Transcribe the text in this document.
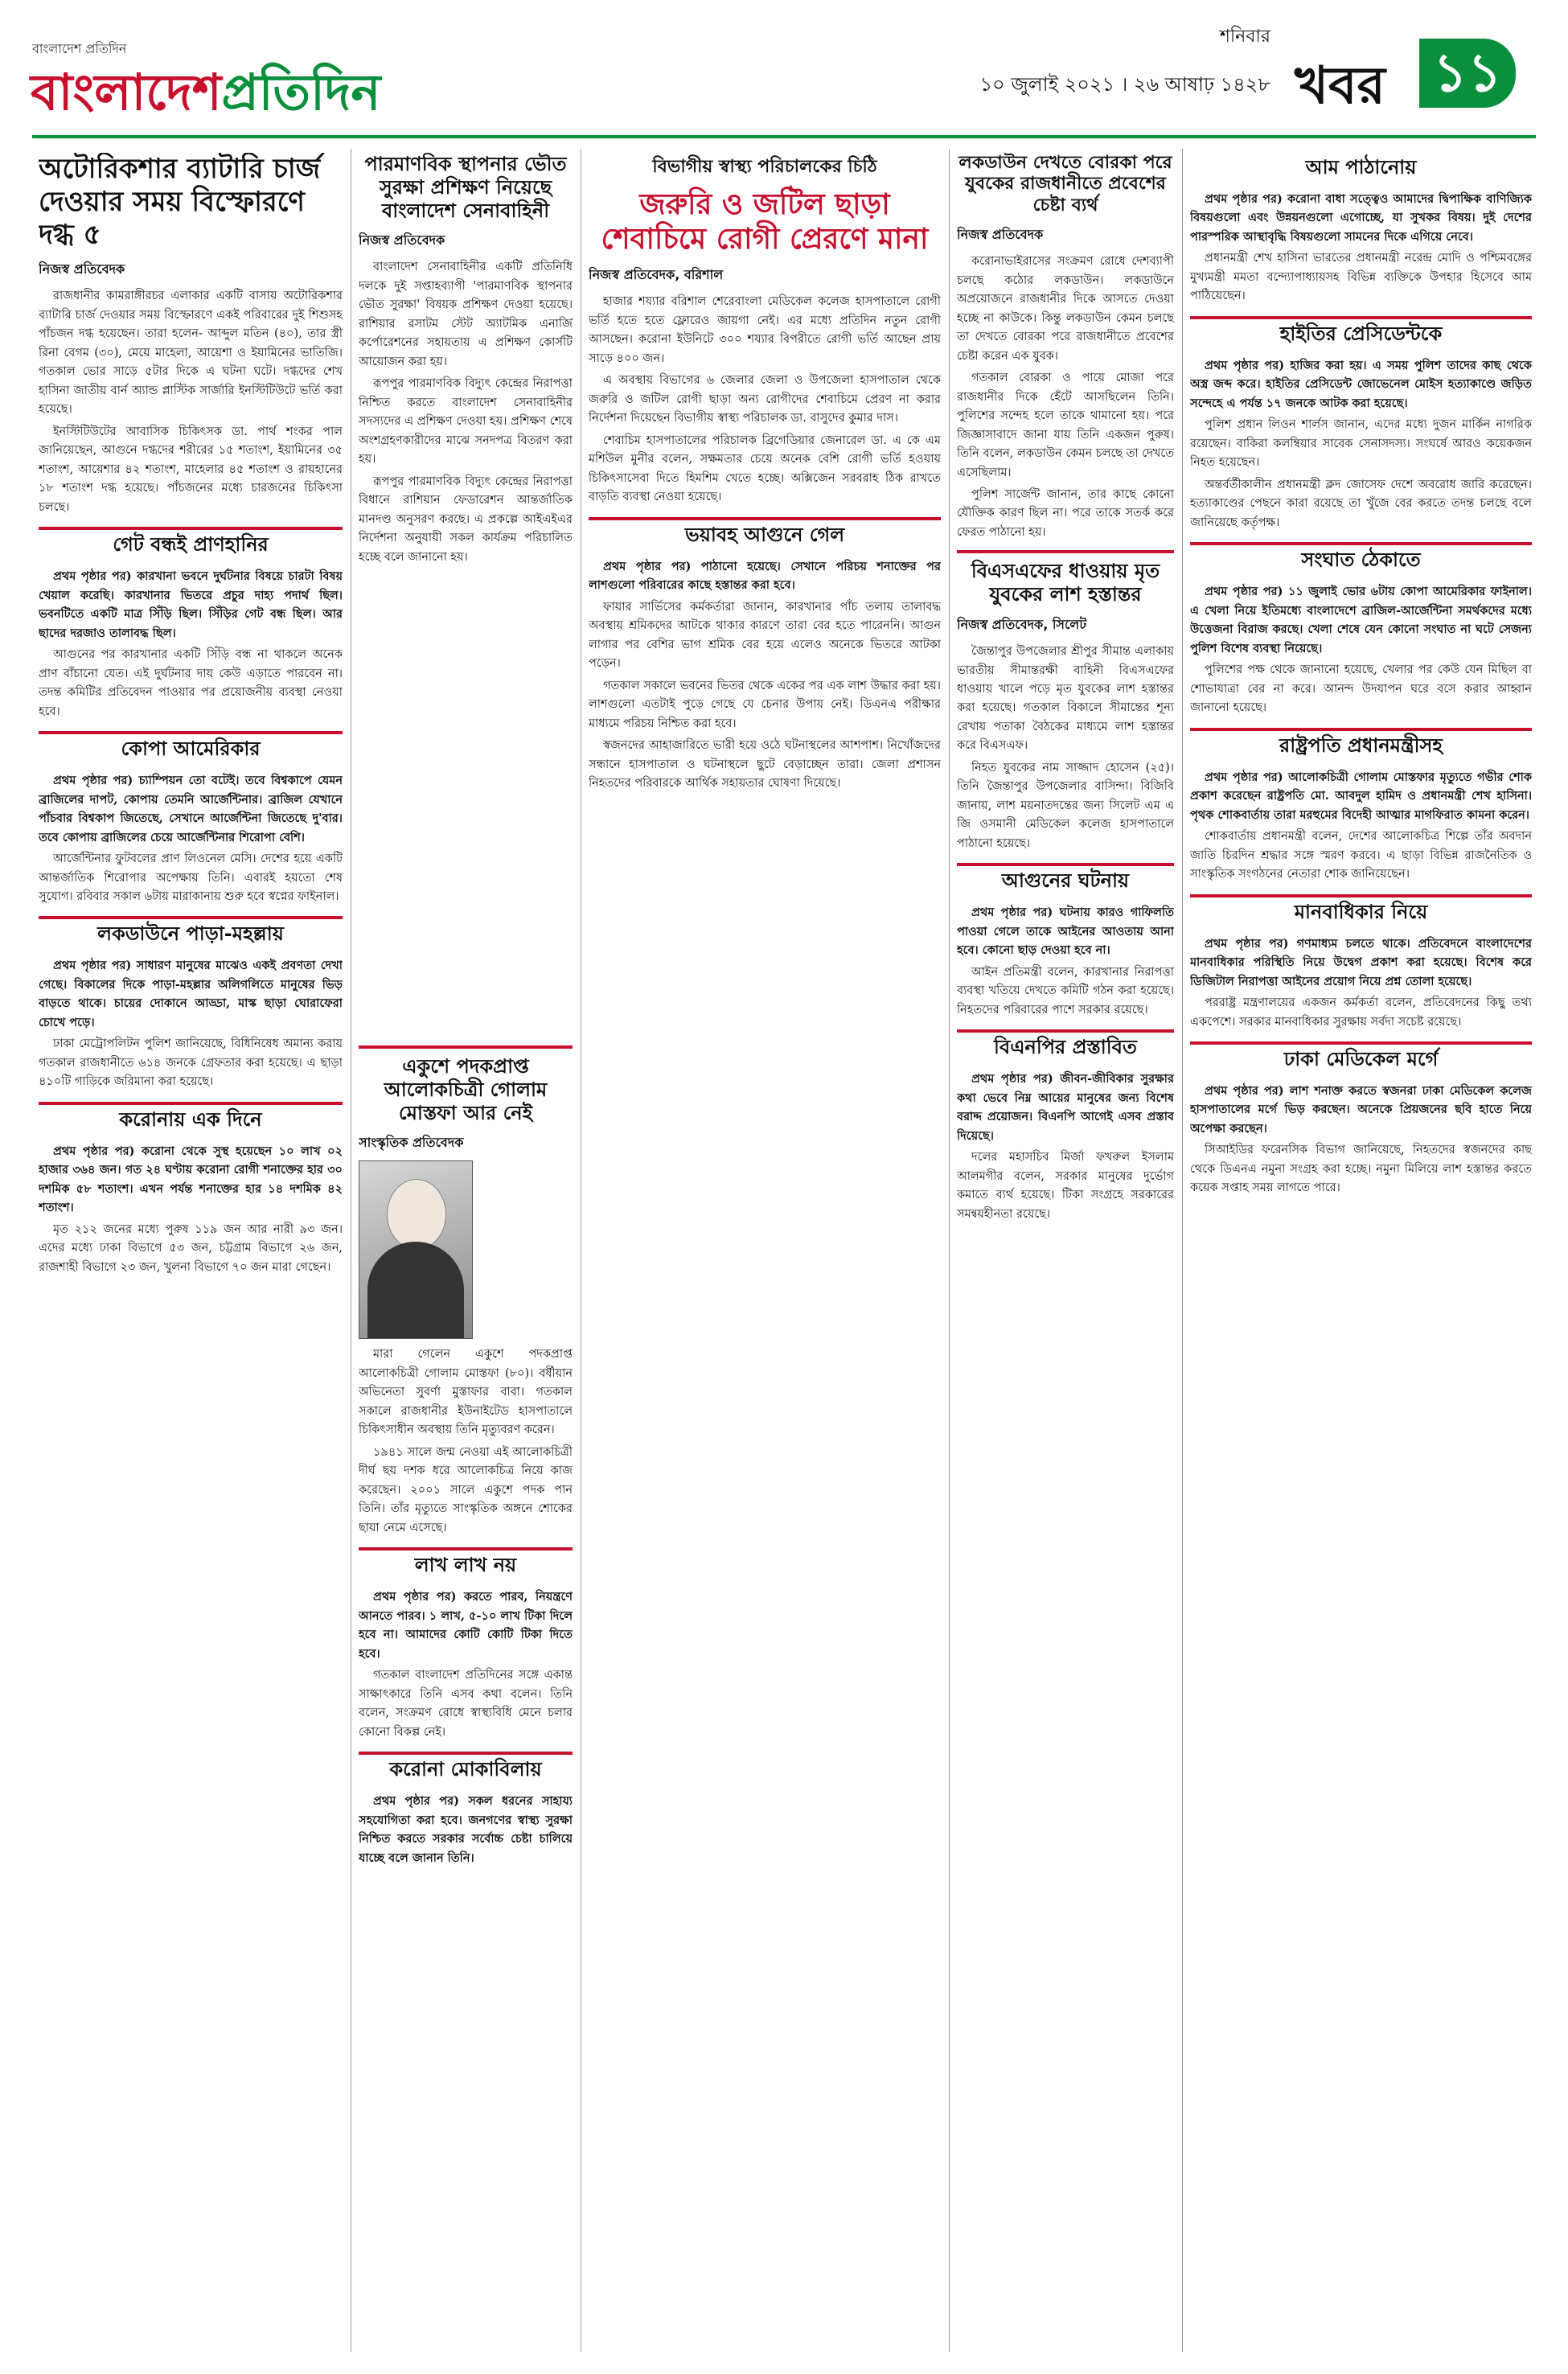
বাংলাদেশ প্রতিদিন
বাংলাদেশপ্রতিদিন
শনিবার
১০ জুলাই ২০২১ । ২৬ আষাঢ় ১৪২৮ খবর ১১
অটোরিকশার ব্যাটারি চার্জ দেওয়ার সময় বিস্ফোরণে দগ্ধ ৫
নিজস্ব প্রতিবেদক

রাজধানীর কামরাঙ্গীরচর এলাকার একটি বাসায় অটোরিকশার ব্যাটারি চার্জ দেওয়ার সময় বিস্ফোরণে একই পরিবারের দুই শিশুসহ পাঁচজন দগ্ধ হয়েছেন। তারা হলেন- আব্দুল মতিন (৪০), তার স্ত্রী রিনা বেগম (৩০), মেয়ে মাহেলা, আয়েশা ও ইয়ামিনের ভাতিজি। গতকাল ভোর সাড়ে ৫টার দিকে এ ঘটনা ঘটে। দগ্ধদের শেখ হাসিনা জাতীয় বার্ন অ্যান্ড প্লাস্টিক সার্জারি ইনস্টিটিউটে ভর্তি করা হয়েছে।

ইনস্টিটিউটের আবাসিক চিকিৎসক ডা. পার্থ শংকর পাল জানিয়েছেন, আগুনে দগ্ধদের শরীরের ১৫ শতাংশ, ইয়ামিনের ৩৫ শতাংশ, আয়েশার ৪২ শতাংশ, মাহেলার ৪৫ শতাংশ ও রায়হানের ১৮ শতাংশ দগ্ধ হয়েছে। পাঁচজনের মধ্যে চারজনের চিকিৎসা চলছে।

গেট বন্ধই প্রাণহানির

প্রথম পৃষ্ঠার পর) কারখানা ভবনে দুর্ঘটনার বিষয়ে চারটা বিষয় খেয়াল করেছি। কারখানার ভিতরে প্রচুর দাহ্য পদার্থ ছিল। ভবনটিতে একটি মাত্র সিঁড়ি ছিল। সিঁড়ির গেট বন্ধ ছিল। আর ছাদের দরজাও তালাবদ্ধ ছিল।

আগুনের পর কারখানার একটি সিঁড়ি বন্ধ না থাকলে অনেক প্রাণ বাঁচানো যেত। এই দুর্ঘটনার দায় কেউ এড়াতে পারবেন না। তদন্ত কমিটির প্রতিবেদন পাওয়ার পর প্রয়োজনীয় ব্যবস্থা নেওয়া হবে।

কোপা আমেরিকার

প্রথম পৃষ্ঠার পর) চ্যাম্পিয়ন তো বটেই। তবে বিশ্বকাপে যেমন ব্রাজিলের দাপট, কোপায় তেমনি আর্জেন্টিনার। ব্রাজিল যেখানে পাঁচবার বিশ্বকাপ জিতেছে, সেখানে আর্জেন্টিনা জিতেছে দু'বার। তবে কোপায় ব্রাজিলের চেয়ে আর্জেন্টিনার শিরোপা বেশি।

আর্জেন্টিনার ফুটবলের প্রাণ লিওনেল মেসি। দেশের হয়ে একটি আন্তর্জাতিক শিরোপার অপেক্ষায় তিনি। এবারই হয়তো শেষ সুযোগ। রবিবার সকাল ৬টায় মারাকানায় শুরু হবে স্বপ্নের ফাইনাল।

লকডাউনে পাড়া-মহল্লায়

প্রথম পৃষ্ঠার পর) সাধারণ মানুষের মাঝেও একই প্রবণতা দেখা গেছে। বিকালের দিকে পাড়া-মহল্লার অলিগলিতে মানুষের ভিড় বাড়তে থাকে। চায়ের দোকানে আড্ডা, মাস্ক ছাড়া ঘোরাফেরা চোখে পড়ে।

ঢাকা মেট্রোপলিটন পুলিশ জানিয়েছে, বিধিনিষেধ অমান্য করায় গতকাল রাজধানীতে ৬১৪ জনকে গ্রেফতার করা হয়েছে। এ ছাড়া ৪১০টি গাড়িকে জরিমানা করা হয়েছে।

করোনায় এক দিনে

প্রথম পৃষ্ঠার পর) করোনা থেকে সুস্থ হয়েছেন ১০ লাখ ০২ হাজার ৩৬৪ জন। গত ২৪ ঘণ্টায় করোনা রোগী শনাক্তের হার ৩০ দশমিক ৫৮ শতাংশ। এখন পর্যন্ত শনাক্তের হার ১৪ দশমিক ৪২ শতাংশ।

মৃত ২১২ জনের মধ্যে পুরুষ ১১৯ জন আর নারী ৯৩ জন। এদের মধ্যে ঢাকা বিভাগে ৫৩ জন, চট্টগ্রাম বিভাগে ২৬ জন, রাজশাহী বিভাগে ২৩ জন, খুলনা বিভাগে ৭০ জন মারা গেছেন।

পারমাণবিক স্থাপনার ভৌত সুরক্ষা প্রশিক্ষণ নিয়েছে বাংলাদেশ সেনাবাহিনী
নিজস্ব প্রতিবেদক

বাংলাদেশ সেনাবাহিনীর একটি প্রতিনিধি দলকে দুই সপ্তাহব্যাপী 'পারমাণবিক স্থাপনার ভৌত সুরক্ষা' বিষয়ক প্রশিক্ষণ দেওয়া হয়েছে। রাশিয়ার রসাটম স্টেট অ্যাটমিক এনার্জি কর্পোরেশনের সহায়তায় এ প্রশিক্ষণ কোর্সটি আয়োজন করা হয়।

রূপপুর পারমাণবিক বিদ্যুৎ কেন্দ্রের নিরাপত্তা নিশ্চিত করতে বাংলাদেশ সেনাবাহিনীর সদস্যদের এ প্রশিক্ষণ দেওয়া হয়। প্রশিক্ষণ শেষে অংশগ্রহণকারীদের মাঝে সনদপত্র বিতরণ করা হয়।

রূপপুর পারমাণবিক বিদ্যুৎ কেন্দ্রের নিরাপত্তা বিধানে রাশিয়ান ফেডারেশন আন্তর্জাতিক মানদণ্ড অনুসরণ করছে। এ প্রকল্পে আইএইএর নির্দেশনা অনুযায়ী সকল কার্যক্রম পরিচালিত হচ্ছে বলে জানানো হয়।

একুশে পদকপ্রাপ্ত আলোকচিত্রী গোলাম মোস্তফা আর নেই
সাংস্কৃতিক প্রতিবেদক

মারা গেলেন একুশে পদকপ্রাপ্ত আলোকচিত্রী গোলাম মোস্তফা (৮০)। বর্ষীয়ান অভিনেতা সুবর্ণা মুস্তাফার বাবা। গতকাল সকালে রাজধানীর ইউনাইটেড হাসপাতালে চিকিৎসাধীন অবস্থায় তিনি মৃত্যুবরণ করেন।

১৯৪১ সালে জন্ম নেওয়া এই আলোকচিত্রী দীর্ঘ ছয় দশক ধরে আলোকচিত্র নিয়ে কাজ করেছেন। ২০০১ সালে একুশে পদক পান তিনি। তাঁর মৃত্যুতে সাংস্কৃতিক অঙ্গনে শোকের ছায়া নেমে এসেছে।

লাখ লাখ নয়

প্রথম পৃষ্ঠার পর) করতে পারব, নিয়ন্ত্রণে আনতে পারব। ১ লাখ, ৫-১০ লাখ টিকা দিলে হবে না। আমাদের কোটি কোটি টিকা দিতে হবে।

গতকাল বাংলাদেশ প্রতিদিনের সঙ্গে একান্ত সাক্ষাৎকারে তিনি এসব কথা বলেন। তিনি বলেন, সংক্রমণ রোধে স্বাস্থ্যবিধি মেনে চলার কোনো বিকল্প নেই।

করোনা মোকাবিলায়

প্রথম পৃষ্ঠার পর) সকল ধরনের সাহায্য সহযোগিতা করা হবে। জনগণের স্বাস্থ্য সুরক্ষা নিশ্চিত করতে সরকার সর্বোচ্চ চেষ্টা চালিয়ে যাচ্ছে বলে জানান তিনি।

বিভাগীয় স্বাস্থ্য পরিচালকের চিঠি
জরুরি ও জটিল ছাড়া শেবাচিমে রোগী প্রেরণে মানা
নিজস্ব প্রতিবেদক, বরিশাল

হাজার শয্যার বরিশাল শেরেবাংলা মেডিকেল কলেজ হাসপাতালে রোগী ভর্তি হতে হতে ফ্লোরেও জায়গা নেই। এর মধ্যে প্রতিদিন নতুন রোগী আসছেন। করোনা ইউনিটে ৩০০ শয্যার বিপরীতে রোগী ভর্তি আছেন প্রায় সাড়ে ৪০০ জন।

এ অবস্থায় বিভাগের ৬ জেলার জেলা ও উপজেলা হাসপাতাল থেকে জরুরি ও জটিল রোগী ছাড়া অন্য রোগীদের শেবাচিমে প্রেরণ না করার নির্দেশনা দিয়েছেন বিভাগীয় স্বাস্থ্য পরিচালক ডা. বাসুদেব কুমার দাস।

শেবাচিম হাসপাতালের পরিচালক ব্রিগেডিয়ার জেনারেল ডা. এ কে এম মশিউল মুনীর বলেন, সক্ষমতার চেয়ে অনেক বেশি রোগী ভর্তি হওয়ায় চিকিৎসাসেবা দিতে হিমশিম খেতে হচ্ছে। অক্সিজেন সরবরাহ ঠিক রাখতে বাড়তি ব্যবস্থা নেওয়া হয়েছে।

ভয়াবহ আগুনে গেল

প্রথম পৃষ্ঠার পর) পাঠানো হয়েছে। সেখানে পরিচয় শনাক্তের পর লাশগুলো পরিবারের কাছে হস্তান্তর করা হবে।

ফায়ার সার্ভিসের কর্মকর্তারা জানান, কারখানার পাঁচ তলায় তালাবদ্ধ অবস্থায় শ্রমিকদের আটকে থাকার কারণে তারা বের হতে পারেননি। আগুন লাগার পর বেশির ভাগ শ্রমিক বের হয়ে এলেও অনেকে ভিতরে আটকা পড়েন।

গতকাল সকালে ভবনের ভিতর থেকে একের পর এক লাশ উদ্ধার করা হয়। লাশগুলো এতটাই পুড়ে গেছে যে চেনার উপায় নেই। ডিএনএ পরীক্ষার মাধ্যমে পরিচয় নিশ্চিত করা হবে।

স্বজনদের আহাজারিতে ভারী হয়ে ওঠে ঘটনাস্থলের আশপাশ। নিখোঁজদের সন্ধানে হাসপাতাল ও ঘটনাস্থলে ছুটে বেড়াচ্ছেন তারা। জেলা প্রশাসন নিহতদের পরিবারকে আর্থিক সহায়তার ঘোষণা দিয়েছে।

লকডাউন দেখতে বোরকা পরে যুবকের রাজধানীতে প্রবেশের চেষ্টা ব্যর্থ
নিজস্ব প্রতিবেদক

করোনাভাইরাসের সংক্রমণ রোধে দেশব্যাপী চলছে কঠোর লকডাউন। লকডাউনে অপ্রয়োজনে রাজধানীর দিকে আসতে দেওয়া হচ্ছে না কাউকে। কিন্তু লকডাউন কেমন চলছে তা দেখতে বোরকা পরে রাজধানীতে প্রবেশের চেষ্টা করেন এক যুবক।

গতকাল বোরকা ও পায়ে মোজা পরে রাজধানীর দিকে হেঁটে আসছিলেন তিনি। পুলিশের সন্দেহ হলে তাকে থামানো হয়। পরে জিজ্ঞাসাবাদে জানা যায় তিনি একজন পুরুষ। তিনি বলেন, লকডাউন কেমন চলছে তা দেখতে এসেছিলাম।

পুলিশ সার্জেন্ট জানান, তার কাছে কোনো যৌক্তিক কারণ ছিল না। পরে তাকে সতর্ক করে ফেরত পাঠানো হয়।

বিএসএফের ধাওয়ায় মৃত যুবকের লাশ হস্তান্তর
নিজস্ব প্রতিবেদক, সিলেট

জৈন্তাপুর উপজেলার শ্রীপুর সীমান্ত এলাকায় ভারতীয় সীমান্তরক্ষী বাহিনী বিএসএফের ধাওয়ায় খালে পড়ে মৃত যুবকের লাশ হস্তান্তর করা হয়েছে। গতকাল বিকালে সীমান্তের শূন্য রেখায় পতাকা বৈঠকের মাধ্যমে লাশ হস্তান্তর করে বিএসএফ।

নিহত যুবকের নাম সাজ্জাদ হোসেন (২৫)। তিনি জৈন্তাপুর উপজেলার বাসিন্দা। বিজিবি জানায়, লাশ ময়নাতদন্তের জন্য সিলেট এম এ জি ওসমানী মেডিকেল কলেজ হাসপাতালে পাঠানো হয়েছে।

আগুনের ঘটনায়

প্রথম পৃষ্ঠার পর) ঘটনায় কারও গাফিলতি পাওয়া গেলে তাকে আইনের আওতায় আনা হবে। কোনো ছাড় দেওয়া হবে না।

আইন প্রতিমন্ত্রী বলেন, কারখানার নিরাপত্তা ব্যবস্থা খতিয়ে দেখতে কমিটি গঠন করা হয়েছে। নিহতদের পরিবারের পাশে সরকার রয়েছে।

বিএনপির প্রস্তাবিত

প্রথম পৃষ্ঠার পর) জীবন-জীবিকার সুরক্ষার কথা ভেবে নিম্ন আয়ের মানুষের জন্য বিশেষ বরাদ্দ প্রয়োজন। বিএনপি আগেই এসব প্রস্তাব দিয়েছে।

দলের মহাসচিব মির্জা ফখরুল ইসলাম আলমগীর বলেন, সরকার মানুষের দুর্ভোগ কমাতে ব্যর্থ হয়েছে। টিকা সংগ্রহে সরকারের সমন্বয়হীনতা রয়েছে।

আম পাঠানোয়

প্রথম পৃষ্ঠার পর) করোনা বাধা সত্ত্বেও আমাদের দ্বিপাক্ষিক বাণিজ্যিক বিষয়গুলো এবং উন্নয়নগুলো এগোচ্ছে, যা সুখকর বিষয়। দুই দেশের পারস্পরিক আস্থাবৃদ্ধি বিষয়গুলো সামনের দিকে এগিয়ে নেবে।

প্রধানমন্ত্রী শেখ হাসিনা ভারতের প্রধানমন্ত্রী নরেন্দ্র মোদি ও পশ্চিমবঙ্গের মুখ্যমন্ত্রী মমতা বন্দ্যোপাধ্যায়সহ বিভিন্ন ব্যক্তিকে উপহার হিসেবে আম পাঠিয়েছেন।

হাইতির প্রেসিডেন্টকে

প্রথম পৃষ্ঠার পর) হাজির করা হয়। এ সময় পুলিশ তাদের কাছ থেকে অস্ত্র জব্দ করে। হাইতির প্রেসিডেন্ট জোভেনেল মোইস হত্যাকাণ্ডে জড়িত সন্দেহে এ পর্যন্ত ১৭ জনকে আটক করা হয়েছে।

পুলিশ প্রধান লিওন শার্লস জানান, এদের মধ্যে দুজন মার্কিন নাগরিক রয়েছেন। বাকিরা কলম্বিয়ার সাবেক সেনাসদস্য। সংঘর্ষে আরও কয়েকজন নিহত হয়েছেন।

অন্তর্বর্তীকালীন প্রধানমন্ত্রী ক্লদ জোসেফ দেশে অবরোধ জারি করেছেন। হত্যাকাণ্ডের পেছনে কারা রয়েছে তা খুঁজে বের করতে তদন্ত চলছে বলে জানিয়েছে কর্তৃপক্ষ।

সংঘাত ঠেকাতে

প্রথম পৃষ্ঠার পর) ১১ জুলাই ভোর ৬টায় কোপা আমেরিকার ফাইনাল। এ খেলা নিয়ে ইতিমধ্যে বাংলাদেশে ব্রাজিল-আর্জেন্টিনা সমর্থকদের মধ্যে উত্তেজনা বিরাজ করছে। খেলা শেষে যেন কোনো সংঘাত না ঘটে সেজন্য পুলিশ বিশেষ ব্যবস্থা নিয়েছে।

পুলিশের পক্ষ থেকে জানানো হয়েছে, খেলার পর কেউ যেন মিছিল বা শোভাযাত্রা বের না করে। আনন্দ উদযাপন ঘরে বসে করার আহ্বান জানানো হয়েছে।

রাষ্ট্রপতি প্রধানমন্ত্রীসহ

প্রথম পৃষ্ঠার পর) আলোকচিত্রী গোলাম মোস্তফার মৃত্যুতে গভীর শোক প্রকাশ করেছেন রাষ্ট্রপতি মো. আবদুল হামিদ ও প্রধানমন্ত্রী শেখ হাসিনা। পৃথক শোকবার্তায় তারা মরহুমের বিদেহী আত্মার মাগফিরাত কামনা করেন।

শোকবার্তায় প্রধানমন্ত্রী বলেন, দেশের আলোকচিত্র শিল্পে তাঁর অবদান জাতি চিরদিন শ্রদ্ধার সঙ্গে স্মরণ করবে। এ ছাড়া বিভিন্ন রাজনৈতিক ও সাংস্কৃতিক সংগঠনের নেতারা শোক জানিয়েছেন।

মানবাধিকার নিয়ে

প্রথম পৃষ্ঠার পর) গণমাধ্যম চলতে থাকে। প্রতিবেদনে বাংলাদেশের মানবাধিকার পরিস্থিতি নিয়ে উদ্বেগ প্রকাশ করা হয়েছে। বিশেষ করে ডিজিটাল নিরাপত্তা আইনের প্রয়োগ নিয়ে প্রশ্ন তোলা হয়েছে।

পররাষ্ট্র মন্ত্রণালয়ের একজন কর্মকর্তা বলেন, প্রতিবেদনের কিছু তথ্য একপেশে। সরকার মানবাধিকার সুরক্ষায় সর্বদা সচেষ্ট রয়েছে।

ঢাকা মেডিকেল মর্গে

প্রথম পৃষ্ঠার পর) লাশ শনাক্ত করতে স্বজনরা ঢাকা মেডিকেল কলেজ হাসপাতালের মর্গে ভিড় করছেন। অনেকে প্রিয়জনের ছবি হাতে নিয়ে অপেক্ষা করছেন।

সিআইডির ফরেনসিক বিভাগ জানিয়েছে, নিহতদের স্বজনদের কাছ থেকে ডিএনএ নমুনা সংগ্রহ করা হচ্ছে। নমুনা মিলিয়ে লাশ হস্তান্তর করতে কয়েক সপ্তাহ সময় লাগতে পারে।
